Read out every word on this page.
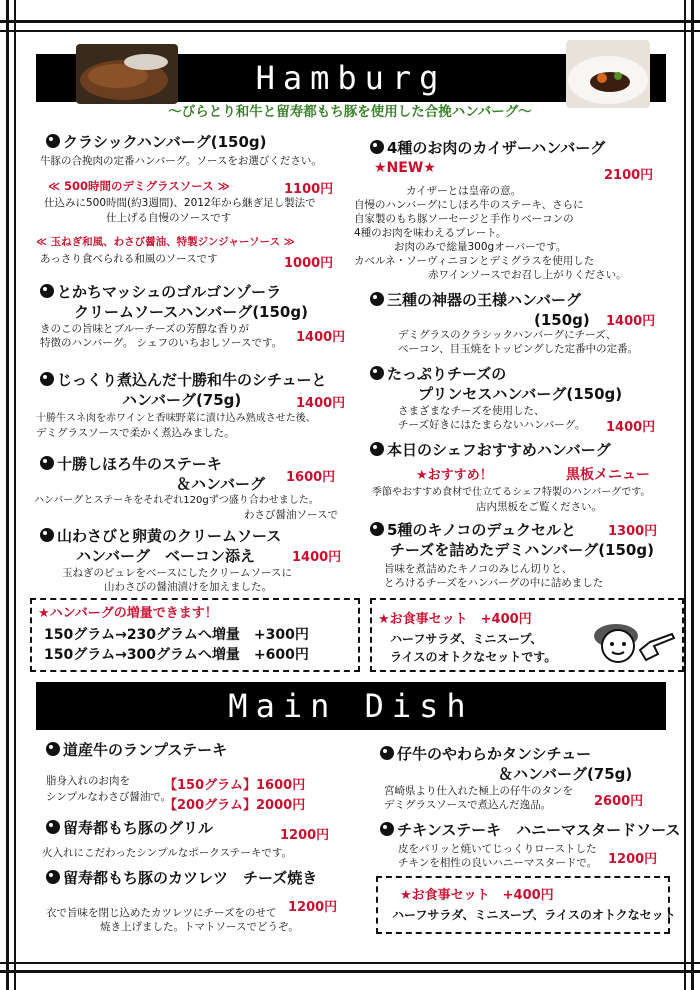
Hamburg
～びらとり和牛と留寿都もち豚を使用した合挽ハンバーグ～
クラシックハンバーグ(150g)
牛豚の合挽肉の定番ハンバーグ。ソースをお選びください。
≪ 500時間のデミグラスソース ≫	1100円
仕込みに500時間(約3週間)、2012年から継ぎ足し製法で
仕上げる自慢のソースです
≪ 玉ねぎ和風、わさび醤油、特製ジンジャーソース ≫
あっさり食べられる和風のソースです	1000円
とかちマッシュのゴルゴンゾーラ
クリームソースハンバーグ(150g)
きのこの旨味とブルーチーズの芳醇な香りが
特徴のハンバーグ。 シェフのいちおしソースです。 1400円
じっくり煮込んだ十勝和牛のシチューと
ハンバーグ(75g)	1400円
十勝牛スネ肉を赤ワインと香味野菜に漬け込み熟成させた後、
デミグラスソースで柔かく煮込みました。
十勝しほろ牛のステーキ
＆ハンバーグ 1600円
ハンバーグとステーキをそれぞれ120gずつ盛り合わせました。
わさび醤油ソースで
山わさびと卵黄のクリームソース
ハンバーグ　ベーコン添え	1400円
玉ねぎのピュレをベースにしたクリームソースに
山わさびの醤油漬けを加えました。
4種のお肉のカイザーハンバーグ
★NEW★	2100円
カイザーとは皇帝の意。
自慢のハンバーグにしほろ牛のステーキ、さらに
自家製のもち豚ソーセージと手作りベーコンの
4種のお肉を味わえるプレート。
お肉のみで総量300gオーバーです。
カベルネ・ソーヴィニヨンとデミグラスを使用した
赤ワインソースでお召し上がりください。
三種の神器の王様ハンバーグ
(150g) 1400円
デミグラスのクラシックハンバーグにチーズ、
ベーコン、目玉焼をトッピングした定番中の定番。
たっぷりチーズの
プリンセスハンバーグ(150g)
さまざまなチーズを使用した、
チーズ好きにはたまらないハンバーグ。 1400円
本日のシェフおすすめハンバーグ
★おすすめ！	黒板メニュー
季節やおすすめ食材で仕立てるシェフ特製のハンバーグです。
店内黒板をご覧ください。
5種のキノコのデュクセルと 1300円
チーズを詰めたデミハンバーグ(150g)
旨味を煮詰めたキノコのみじん切りと、
とろけるチーズをハンバーグの中に詰めました
★ハンバーグの増量できます！
150グラム→230グラムへ増量　+300円
150グラム→300グラムへ増量　+600円
★お食事セット　+400円
ハーフサラダ、ミニスープ、
ライスのオトクなセットです。
Main Dish
道産牛のランプステーキ
脂身入れのお肉を
シンプルなわさび醤油で。
【150グラム】1600円
【200グラム】2000円
留寿都もち豚のグリル	1200円
火入れにこだわったシンプルなポークステーキです。
留寿都もち豚のカツレツ　チーズ焼き
1200円
衣で旨味を閉じ込めたカツレツにチーズをのせて
焼き上げました。トマトソースでどうぞ。
仔牛のやわらかタンシチュー
＆ハンバーグ(75g)
宮崎県より仕入れた極上の仔牛のタンを
デミグラスソースで煮込んだ逸品。	2600円
チキンステーキ　ハニーマスタードソース
皮をパリッと焼いてじっくりローストした
チキンを相性の良いハニーマスタードで。 1200円
★お食事セット　+400円
ハーフサラダ、ミニスープ、ライスのオトクなセット
